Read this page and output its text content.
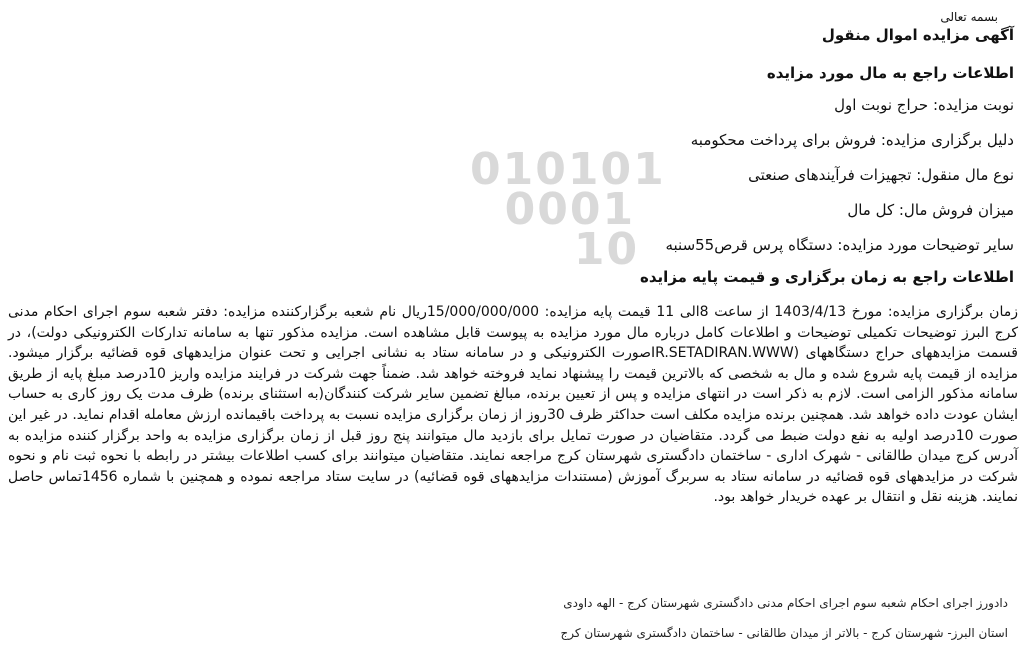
010101
0001
10
بسمه تعالی
آگهی مزایده اموال منقول
اطلاعات راجع به مال مورد مزایده
نوبت مزایده: حراج نوبت اول
دلیل برگزاری مزایده: فروش برای پرداخت محکومبه
نوع مال منقول: تجهیزات فرآیندهای صنعتی
میزان فروش مال: کل مال
سایر توضیحات مورد مزایده: دستگاه پرس قرص55سنبه
اطلاعات راجع به زمان برگزاری و قیمت پایه مزایده
زمان برگزاری مزایده: مورخ 1403/4/13 از ساعت 8الی 11 قیمت پایه مزایده: 15/000/000/000ریال نام شعبه برگزارکننده مزایده: دفتر شعبه سوم اجرای احکام مدنی کرج البرز توضیحات تکمیلی توضیحات و اطلاعات کامل درباره مال مورد مزایده به پیوست قابل مشاهده است. مزایده مذکور تنها به سامانه تدارکات الکترونیکی دولت)، در قسمت مزایدههای حراج دستگاههای (IR.SETADIRAN.WWWصورت الکترونیکی و در سامانه ستاد به نشانی اجرایی و تحت عنوان مزایدههای قوه قضائیه برگزار میشود. مزایده از قیمت پایه شروع شده و مال به شخصی که بالاترین قیمت را پیشنهاد نماید فروخته خواهد شد. ضمناً جهت شرکت در فرایند مزایده واریز 10درصد مبلغ پایه از طریق سامانه مذکور الزامی است. لازم به ذکر است در انتهای مزایده و پس از تعیین برنده، مبالغ تضمین سایر شرکت کنندگان(به استثنای برنده) ظرف مدت یک روز کاری به حساب ایشان عودت داده خواهد شد. همچنین برنده مزایده مکلف است حداکثر ظرف 30روز از زمان برگزاری مزایده نسبت به پرداخت باقیمانده ارزش معامله اقدام نماید. در غیر این صورت 10درصد اولیه به نفع دولت ضبط می گردد. متقاضیان در صورت تمایل برای بازدید مال میتوانند پنج روز قبل از زمان برگزاری مزایده به واحد برگزار کننده مزایده به آدرس کرج میدان طالقانی - شهرک اداری - ساختمان دادگستری شهرستان کرج مراجعه نمایند. متقاضیان میتوانند برای کسب اطلاعات بیشتر در رابطه با نحوه ثبت نام و نحوه شرکت در مزایدههای قوه قضائیه در سامانه ستاد به سربرگ آموزش (مستندات مزایدههای قوه قضائیه) در سایت ستاد مراجعه نموده و همچنین با شماره 1456تماس حاصل نمایند. هزینه نقل و انتقال بر عهده خریدار خواهد بود.
دادورز اجرای احکام شعبه سوم اجرای احکام مدنی دادگستری شهرستان کرج - الهه داودی
استان البرز- شهرستان کرج - بالاتر از میدان طالقانی - ساختمان دادگستری شهرستان کرج
